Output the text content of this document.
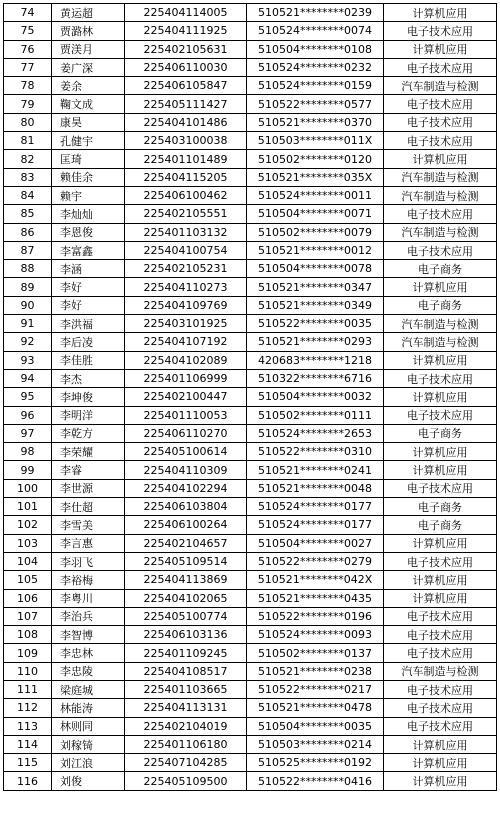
74	黄运超	225404114005	510521********0239	计算机应用
75	贾潞林	225404111925	510524********0074	电子技术应用
76	贾渼月	225402105631	510504********0108	计算机应用
77	姜广深	225406110030	510524********0232	电子技术应用
78	姜余	225406105847	510524********0159	汽车制造与检测
79	鞠文成	225405111427	510522********0577	电子技术应用
80	康昊	225404101486	510521********0370	电子技术应用
81	孔健宇	225403100038	510503********011X	电子技术应用
82	匡琦	225401101489	510502********0120	计算机应用
83	赖佳余	225404115205	510521********035X	汽车制造与检测
84	赖宇	225406100462	510524********0011	汽车制造与检测
85	李灿灿	225402105551	510504********0071	电子技术应用
86	李恩俊	225401103132	510502********0079	汽车制造与检测
87	李富鑫	225404100754	510521********0012	电子技术应用
88	李涵	225402105231	510504********0078	电子商务
89	李好	225404110273	510521********0347	计算机应用
90	李好	225404109769	510521********0349	电子商务
91	李洪福	225403101925	510522********0035	汽车制造与检测
92	李后凌	225404107192	510521********0293	汽车制造与检测
93	李佳胜	225404102089	420683********1218	计算机应用
94	李杰	225401106999	510322********6716	电子技术应用
95	李坤俊	225402100447	510504********0032	计算机应用
96	李明洋	225401110053	510502********0111	电子技术应用
97	李乾方	225406110270	510524********2653	电子商务
98	李荣耀	225405100614	510522********0310	计算机应用
99	李睿	225404110309	510521********0241	计算机应用
100	李世源	225404102294	510521********0048	电子技术应用
101	李仕超	225406103804	510524********0177	电子商务
102	李雪美	225406100264	510524********0177	电子商务
103	李言惠	225402104657	510504********0027	计算机应用
104	李羽飞	225405109514	510522********0279	电子技术应用
105	李裕梅	225404113869	510521********042X	计算机应用
106	李粤川	225404102065	510521********0435	计算机应用
107	李治兵	225405100774	510522********0196	电子技术应用
108	李智博	225406103136	510524********0093	电子技术应用
109	李忠林	225401109245	510502********0137	电子技术应用
110	李忠陵	225404108517	510521********0238	汽车制造与检测
111	梁庭城	225401103665	510522********0217	电子技术应用
112	林能涛	225404113131	510521********0478	电子技术应用
113	林则同	225402104019	510504********0035	电子技术应用
114	刘稼锜	225401106180	510503********0214	计算机应用
115	刘江浪	225407104285	510525********0192	计算机应用
116	刘俊	225405109500	510522********0416	计算机应用
